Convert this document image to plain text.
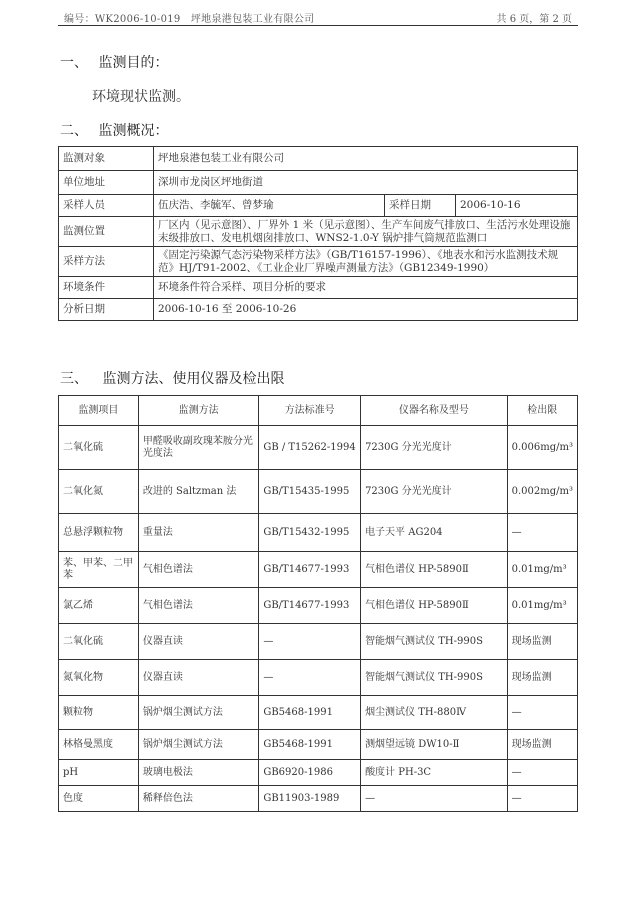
编号：WK2006-10-019　坪地泉港包装工业有限公司	共 6 页，第 2 页
一、 监测目的：
环境现状监测。
二、 监测概况：
监测对象	坪地泉港包装工业有限公司		
单位地址	深圳市龙岗区坪地街道		
采样人员	伍庆浩、李毓军、曾梦瑜	采样日期	2006-10-16
监测位置	厂区内（见示意图）、厂界外 1 米（见示意图）、生产车间废气排放口、生活污水处理设施末级排放口、发电机烟囱排放口、WNS2-1.0-Y 锅炉排气筒规范监测口		
采样方法	《固定污染源气态污染物采样方法》（GB/T16157-1996）、《地表水和污水监测技术规范》HJ/T91-2002、《工业企业厂界噪声测量方法》（GB12349-1990）		
环境条件	环境条件符合采样、项目分析的要求		
分析日期	2006-10-16 至 2006-10-26		
三、 监测方法、使用仪器及检出限
监测项目	监测方法	方法标准号	仪器名称及型号	检出限
二氧化硫	甲醛吸收副玫瑰苯胺分光光度法	GB / T15262-1994	7230G 分光光度计	0.006mg/m³
二氧化氮	改进的 Saltzman 法	GB/T15435-1995	7230G 分光光度计	0.002mg/m³
总悬浮颗粒物	重量法	GB/T15432-1995	电子天平 AG204	—
苯、甲苯、二甲苯	气相色谱法	GB/T14677-1993	气相色谱仪 HP-5890Ⅱ	0.01mg/m³
氯乙烯	气相色谱法	GB/T14677-1993	气相色谱仪 HP-5890Ⅱ	0.01mg/m³
二氧化硫	仪器直读	—	智能烟气测试仪 TH-990S	现场监测
氮氧化物	仪器直读	—	智能烟气测试仪 TH-990S	现场监测
颗粒物	锅炉烟尘测试方法	GB5468-1991	烟尘测试仪 TH-880Ⅳ	—
林格曼黑度	锅炉烟尘测试方法	GB5468-1991	测烟望远镜 DW10-Ⅱ	现场监测
pH	玻璃电极法	GB6920-1986	酸度计 PH-3C	—
色度	稀释倍色法	GB11903-1989	—	—
